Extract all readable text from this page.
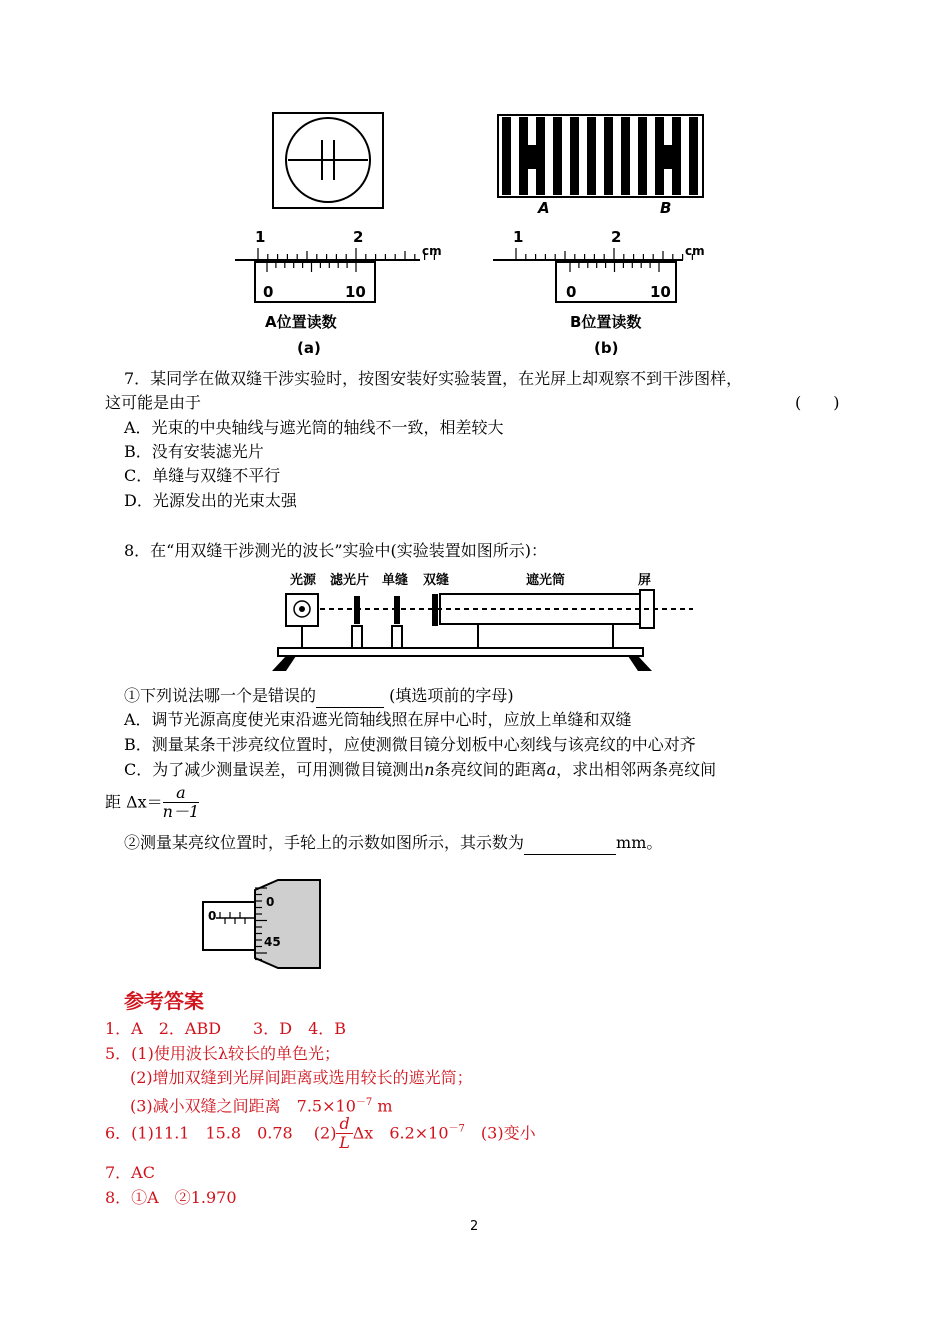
1	2
cm
0	10
A位置读数
(a)
A	B
1	2
cm
0	10
B位置读数
(b)
7．某同学在做双缝干涉实验时，按图安装好实验装置，在光屏上却观察不到干涉图样，
这可能是由于	(　　)
A．光束的中央轴线与遮光筒的轴线不一致，相差较大
B．没有安装滤光片
C．单缝与双缝不平行
D．光源发出的光束太强
8．在“用双缝干涉测光的波长”实验中(实验装置如图所示)：
光源 滤光片 单缝 双缝	遮光筒	屏
①下列说法哪一个是错误的	(填选项前的字母)
A．调节光源高度使光束沿遮光筒轴线照在屏中心时，应放上单缝和双缝
B．测量某条干涉亮纹位置时，应使测微目镜分划板中心刻线与该亮纹的中心对齐
C．为了减少测量误差，可用测微目镜测出n条亮纹间的距离a，求出相邻两条亮纹间
距 $\Delta x= \frac{a}{n-1}$
②测量某亮纹位置时，手轮上的示数如图所示，其示数为	mm。
0
0
45
参考答案
1．A　2．ABD　　3．D　4．B
5．(1)使用波长λ较长的单色光；
(2)增加双缝到光屏间距离或选用较长的遮光筒；
(3)减小双缝之间距离　$7.5\times 10^{-7}$ m
6．(1)11.1　15.8　0.78　 $(2) \frac{d}{L}$ Δx　$6.2\times 10^{-7}$　(3)变小
7．AC
8．①A　②1.970
2
